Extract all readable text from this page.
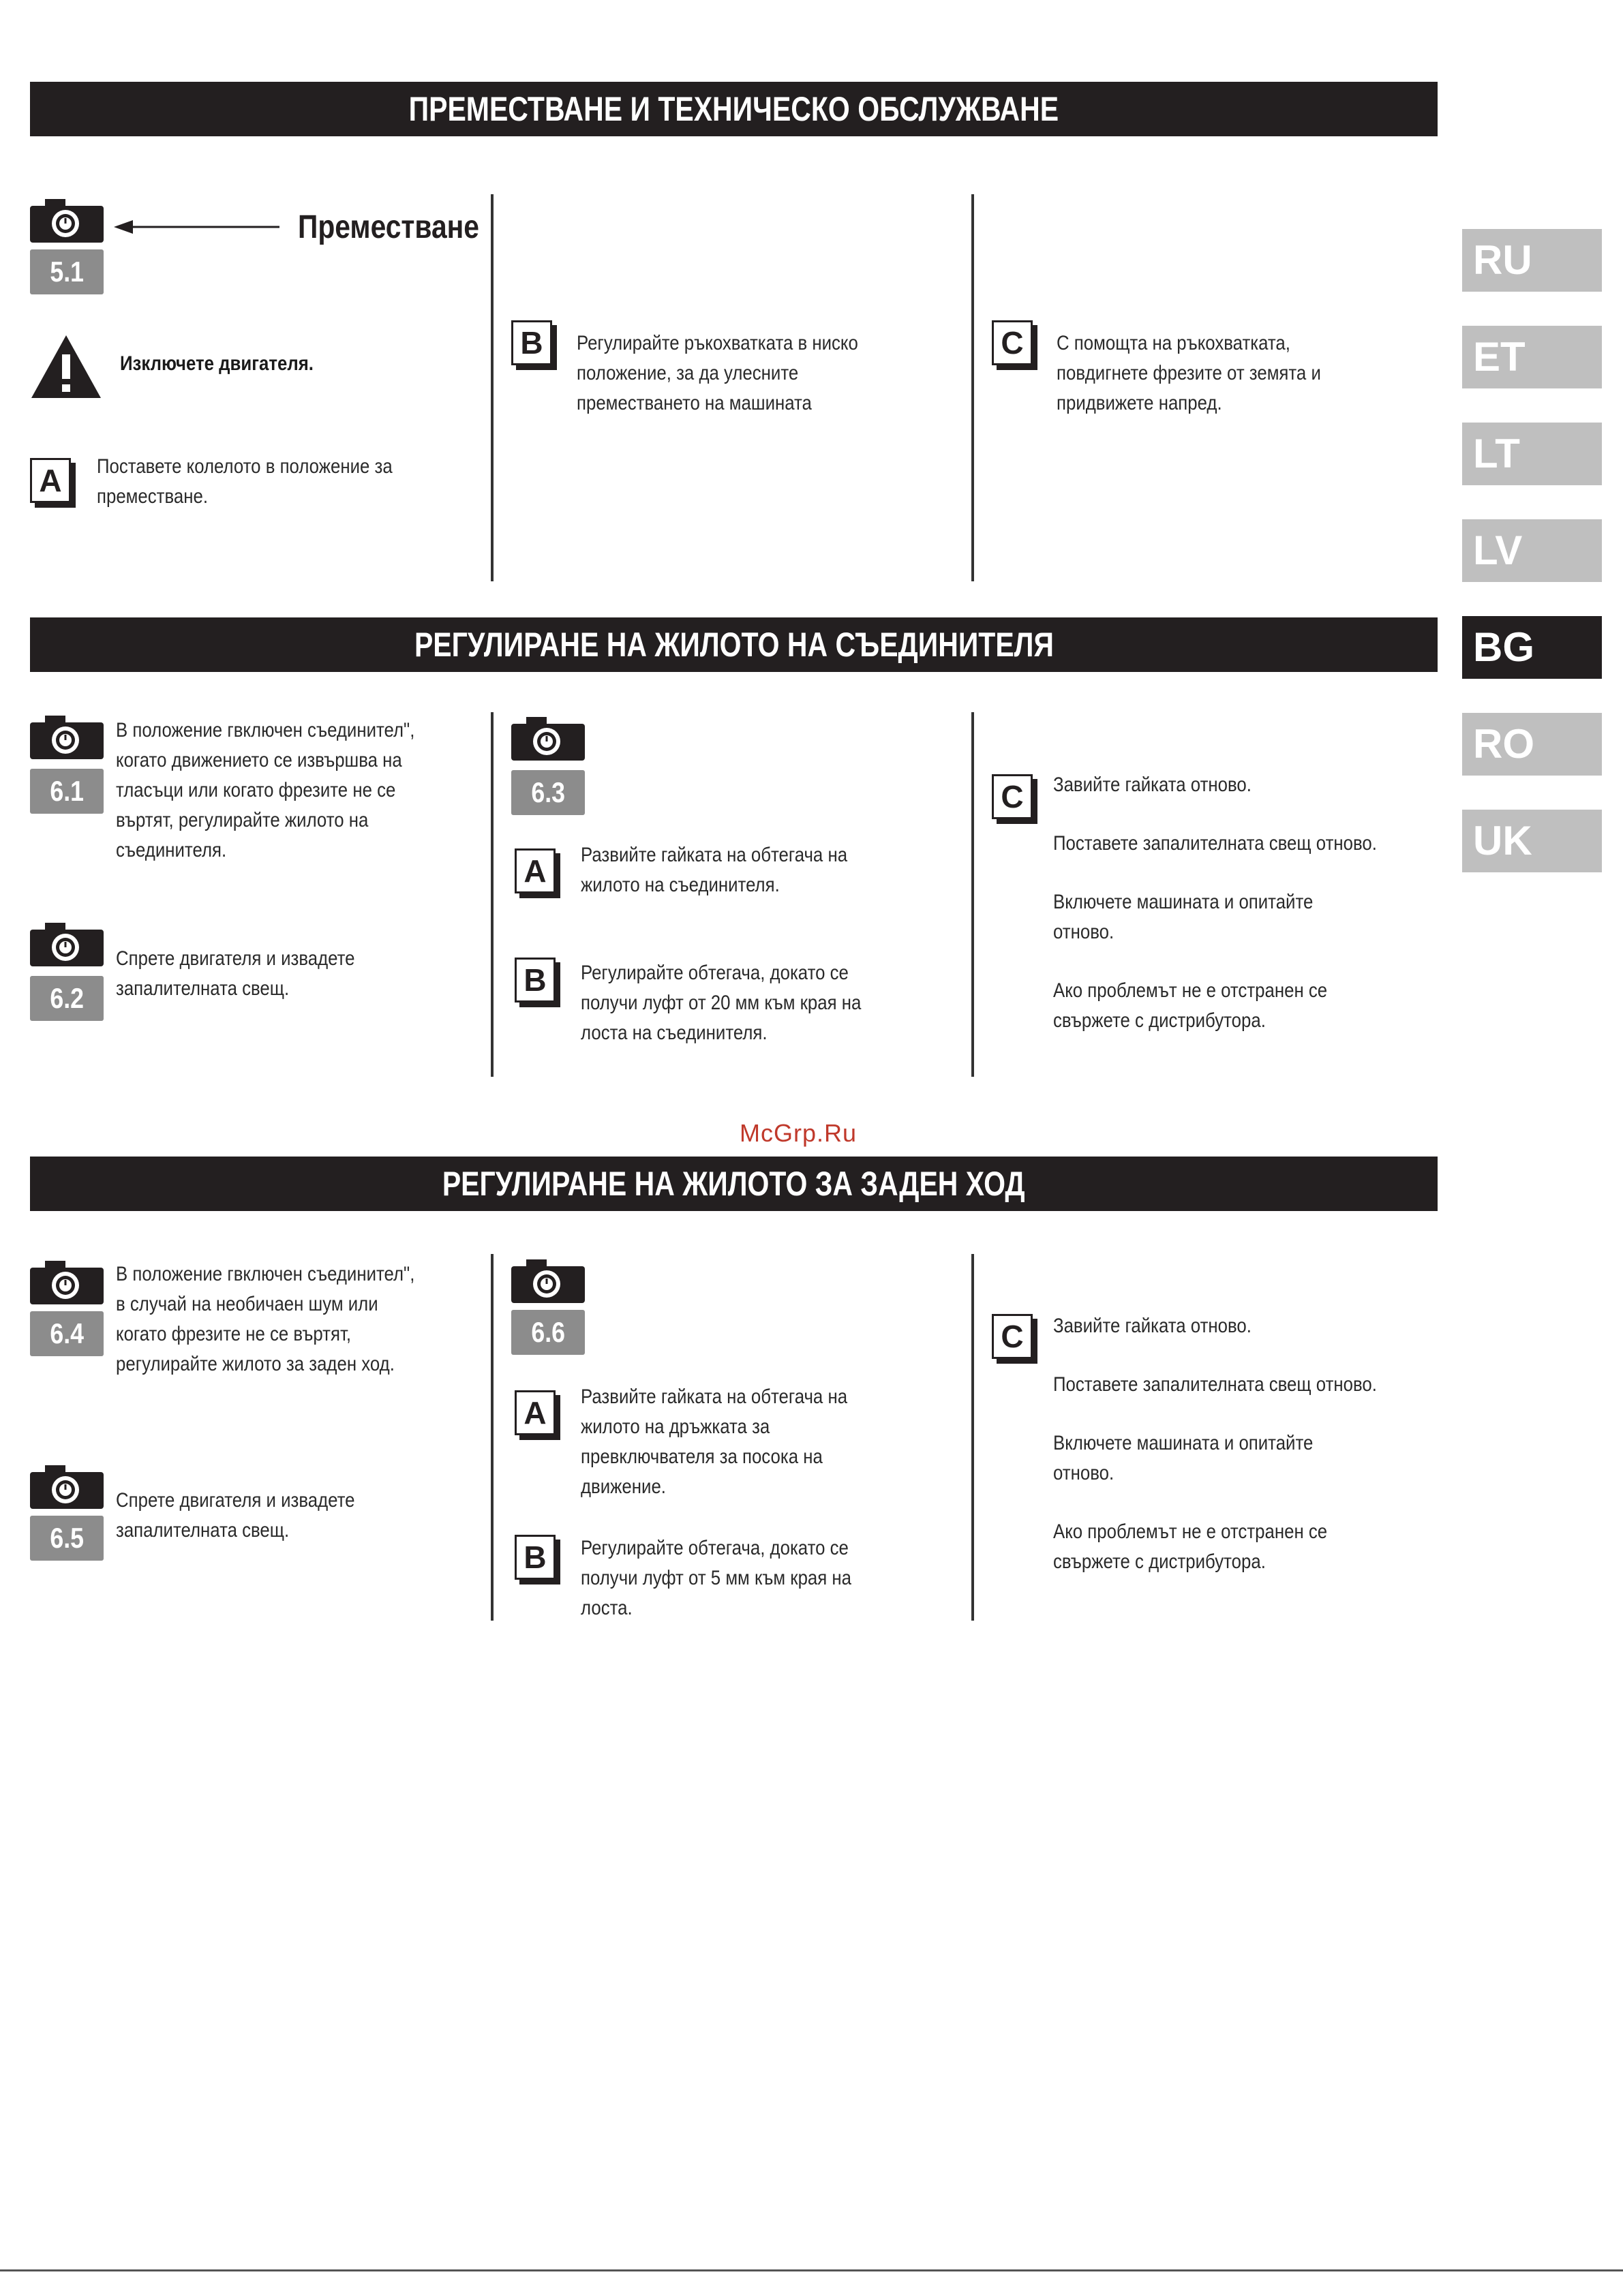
ПРЕМЕСТВАНЕ И ТЕХНИЧЕСКО ОБСЛУЖВАНЕ
РЕГУЛИРАНЕ НА ЖИЛОТО НА СЪЕДИНИТЕЛЯ
РЕГУЛИРАНЕ НА ЖИЛОТО ЗА ЗАДЕН ХОД
RU
ET
LT
LV
BG
RO
UK
5.1
Преместване
Изключете двигателя.
A	Поставете колелото в положение за
преместване.
B	Регулирайте ръкохватката в ниско
положение, за да улесните
преместването на машината
C	С помощта на ръкохватката,
повдигнете фрезите от земята и
придвижете напред.
6.1
В положение гвключен съединител",
когато движението се извършва на
тласъци или когато фрезите не се
въртят, регулирайте жилото на
съединителя.
6.2
Спрете двигателя и извадете
запалителната свещ.
6.3
A	Развийте гайката на обтегача на
жилото на съединителя.
B	Регулирайте обтегача, докато се
получи луфт от 20 мм към края на
лоста на съединителя.
C	Завийте гайката отново.
Поставете запалителната свещ отново.
Включете машината и опитайте
отново.
Ако проблемът не е отстранен се
свържете с дистрибутора.
McGrp.Ru
6.4
В положение гвключен съединител",
в случай на необичаен шум или
когато фрезите не се въртят,
регулирайте жилото за заден ход.
6.5
Спрете двигателя и извадете
запалителната свещ.
6.6
A	Развийте гайката на обтегача на
жилото на дръжката за
превключвателя за посока на
движение.
B	Регулирайте обтегача, докато се
получи луфт от 5 мм към края на
лоста.
C	Завийте гайката отново.
Поставете запалителната свещ отново.
Включете машината и опитайте
отново.
Ако проблемът не е отстранен се
свържете с дистрибутора.
